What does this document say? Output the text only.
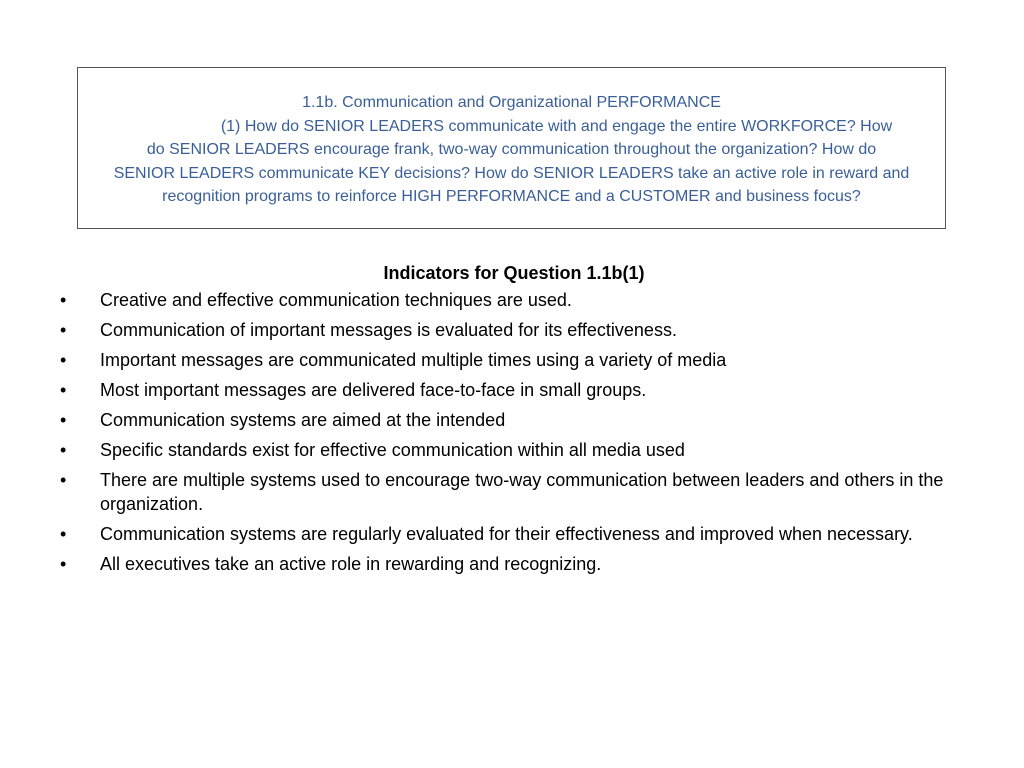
1.1b. Communication and Organizational PERFORMANCE
(1) How do SENIOR LEADERS communicate with and engage the entire WORKFORCE? How
do SENIOR LEADERS encourage frank, two-way communication throughout the organization? How do
SENIOR LEADERS communicate KEY decisions? How do SENIOR LEADERS take an active role in reward and
recognition programs to reinforce HIGH PERFORMANCE and a CUSTOMER and business focus?
Indicators for Question 1.1b(1)
• Creative and effective communication techniques are used.
• Communication of important messages is evaluated for its effectiveness.
• Important messages are communicated multiple times using a variety of media
• Most important messages are delivered face-to-face in small groups.
• Communication systems are aimed at the intended
• Specific standards exist for effective communication within all media used
• There are multiple systems used to encourage two-way communication between leaders and others in the organization.
• Communication systems are regularly evaluated for their effectiveness and improved when necessary.
• All executives take an active role in rewarding and recognizing.
